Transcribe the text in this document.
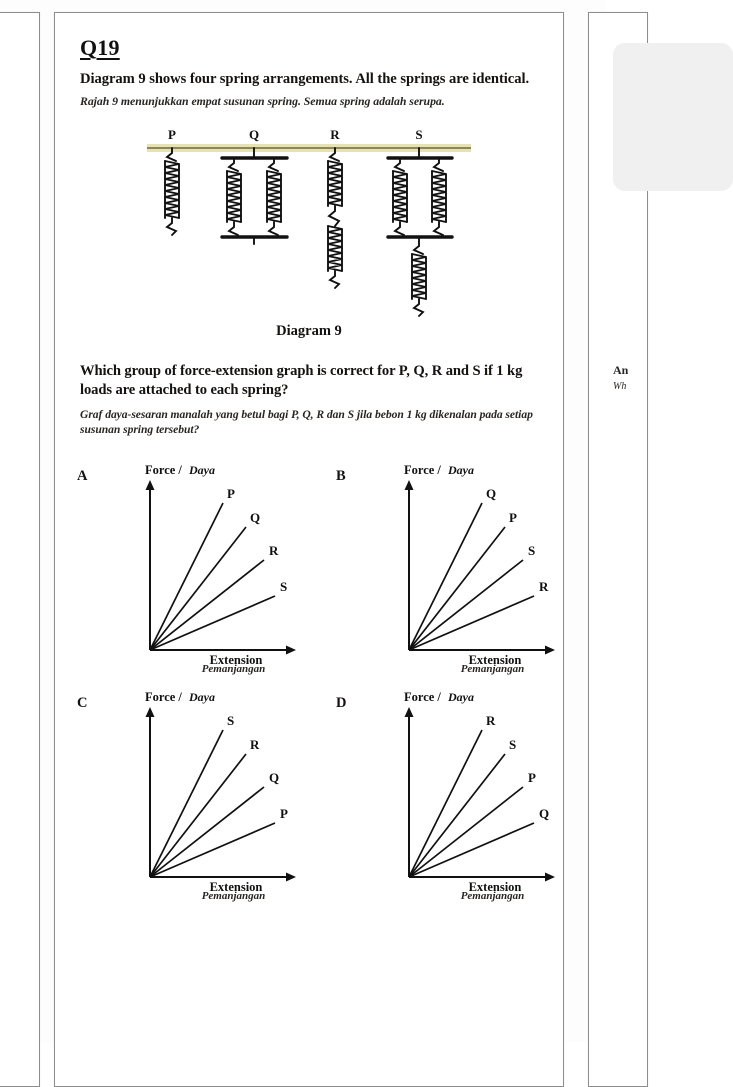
Q19
Diagram 9 shows four spring arrangements. All the springs are identical.
Rajah 9 menunjukkan empat susunan spring. Semua spring adalah serupa.
P	Q	R	S
Diagram 9
Which group of force-extension graph is correct for P, Q, R and S if 1 kg loads are attached to each spring?
Graf daya-sesaran manalah yang betul bagi P, Q, R dan S jila bebon 1 kg dikenalan pada setiap susunan spring tersebut?
A	Force / Daya
P
Q
R
S
Extension
Pemanjangan
B	Force / Daya
Q
P
S
R
Extension
Pemanjangan
C	Force / Daya
S
R
Q
P
Extension
Pemanjangan
D	Force / Daya
R
S
P
Q
Extension
Pemanjangan
An
Wh
